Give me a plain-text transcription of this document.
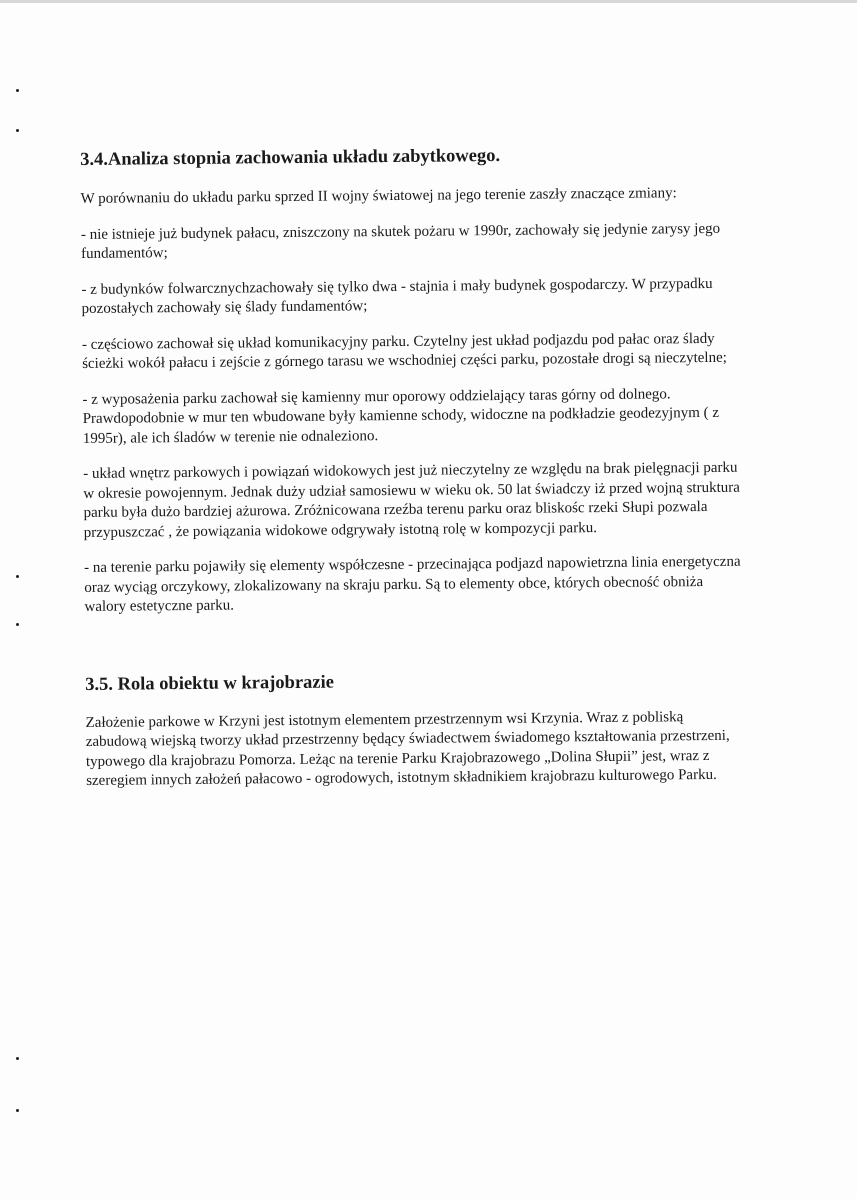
3.4.Analiza stopnia zachowania układu zabytkowego.

W porównaniu do układu parku sprzed II wojny światowej na jego terenie zaszły znaczące zmiany:

- nie istnieje już budynek pałacu, zniszczony na skutek pożaru w 1990r, zachowały się jedynie zarysy jego fundamentów;

- z budynków folwarcznychzachowały się tylko dwa - stajnia i mały budynek gospodarczy. W przypadku pozostałych zachowały się ślady fundamentów;

- częściowo zachował się układ komunikacyjny parku. Czytelny jest układ podjazdu pod pałac oraz ślady ścieżki wokół pałacu i zejście z górnego tarasu we wschodniej części parku, pozostałe drogi są nieczytelne;

- z wyposażenia parku zachował się kamienny mur oporowy oddzielający taras górny od dolnego. Prawdopodobnie w mur ten wbudowane były kamienne schody, widoczne na podkładzie geodezyjnym ( z 1995r), ale ich śladów w terenie nie odnaleziono.

- układ wnętrz parkowych i powiązań widokowych jest już nieczytelny ze względu na brak pielęgnacji parku w okresie powojennym. Jednak duży udział samosiewu w wieku ok. 50 lat świadczy iż przed wojną struktura parku była dużo bardziej ażurowa. Zróżnicowana rzeźba terenu parku oraz bliskośc rzeki Słupi pozwala przypuszczać , że powiązania widokowe odgrywały istotną rolę w kompozycji parku.

- na terenie parku pojawiły się elementy współczesne - przecinająca podjazd napowietrzna linia energetyczna oraz wyciąg orczykowy, zlokalizowany na skraju parku. Są to elementy obce, których obecność obniża walory estetyczne parku.

3.5. Rola obiektu w krajobrazie

Założenie parkowe w Krzyni jest istotnym elementem przestrzennym wsi Krzynia. Wraz z pobliską zabudową wiejską tworzy układ przestrzenny będący świadectwem świadomego kształtowania przestrzeni, typowego dla krajobrazu Pomorza. Leżąc na terenie Parku Krajobrazowego „Dolina Słupii” jest, wraz z szeregiem innych założeń pałacowo - ogrodowych, istotnym składnikiem krajobrazu kulturowego Parku.
